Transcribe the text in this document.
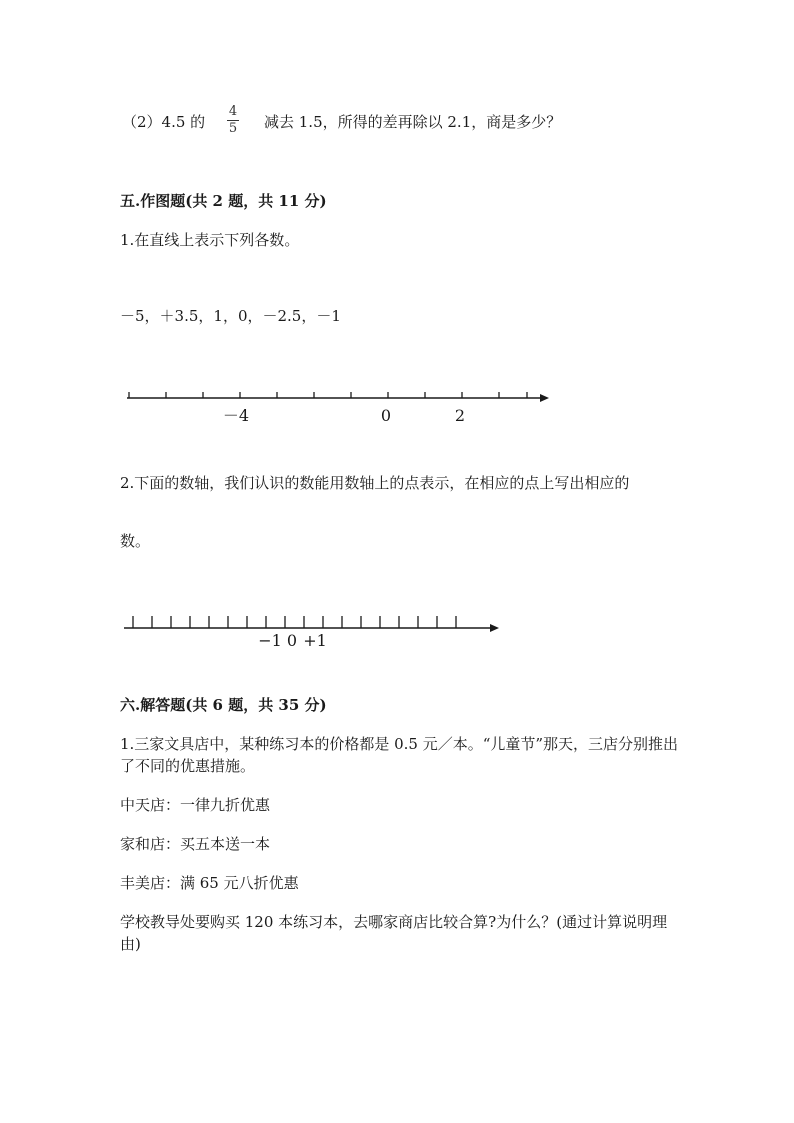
（2）4.5 的
4
5 减去 1.5，所得的差再除以 2.1，商是多少？
五.作图题(共 2 题，共 11 分)
1.在直线上表示下列各数。
－5，＋3.5，1，0，－2.5，－1
－4	0	2
2.下面的数轴，我们认识的数能用数轴上的点表示，在相应的点上写出相应的
数。
−1 0 +1
六.解答题(共 6 题，共 35 分)
1.三家文具店中，某种练习本的价格都是 0.5 元／本。“儿童节”那天，三店分别推出了不同的优惠措施。
中天店：一律九折优惠
家和店：买五本送一本
丰美店：满 65 元八折优惠
学校教导处要购买 120 本练习本，去哪家商店比较合算?为什么？(通过计算说明理由)
